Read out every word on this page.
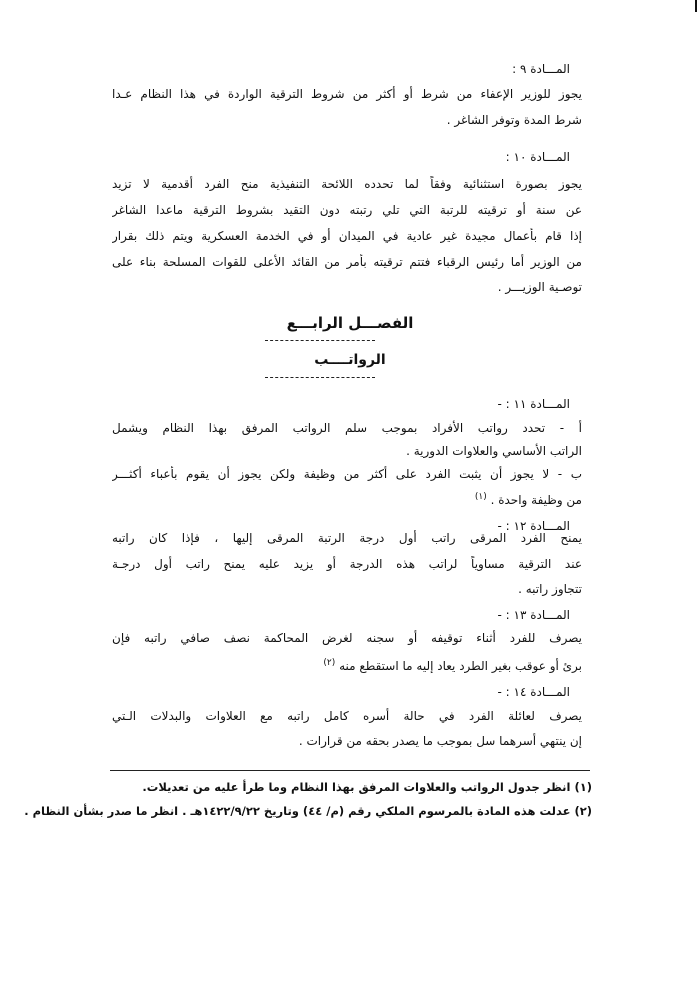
المـــادة ٩ :
يجوز للوزير الإعفاء من شرط أو أكثر من شروط الترقية الواردة في هذا النظام عـدا
شرط المدة وتوفر الشاغر .
المـــادة ١٠ :
يجوز بصورة استثنائية وفقاً لما تحدده اللائحة التنفيذية منح الفرد أقدمية لا تزيد
عن سنة أو ترقيته للرتبة التي تلي رتبته دون التقيد بشروط الترقية ماعدا الشاغر
إذا قام بأعمال مجيدة غير عادية في الميدان أو في الخدمة العسكرية ويتم ذلك بقرار
من الوزير أما رئيس الرقباء فتتم ترقيته بأمر من القائد الأعلى للقوات المسلحة بناء على
توصـية الوزيـــر .
الفصـــل الرابـــع
الرواتــــب
المـــادة ١١ : -
أ - تحدد رواتب الأفراد بموجب سلم الرواتب المرفق بهذا النظام ويشمل
الراتب الأساسي والعلاوات الدورية .
ب - لا يجوز أن يثبت الفرد على أكثر من وظيفة ولكن يجوز أن يقوم بأعباء أكثـــر
من وظيفة واحدة . $^{(١)}$
المـــادة ١٢ : -
يمنح الفرد المرقى راتب أول درجة الرتبة المرقى إليها ، فإذا كان راتبه
عند الترقية مساوياً لراتب هذه الدرجة أو يزيد عليه يمنح راتب أول درجـة
تتجاوز راتبه .
المـــادة ١٣ : -
يصرف للفرد أثناء توقيفه أو سجنه لغرض المحاكمة نصف صافي راتبه فإن
برئ أو عوقب بغير الطرد يعاد إليه ما استقطع منه $^{(٢)}$
المـــادة ١٤ : -
يصرف لعائلة الفرد في حالة أسره كامل راتبه مع العلاوات والبدلات الـتي
إن ينتهي أسرهما سل بموجب ما يصدر بحقه من قرارات .
(١) انظر جدول الرواتب والعلاوات المرفق بهذا النظام وما طرأ عليه من تعديلات.
(٢) عدلت هذه المادة بالمرسوم الملكي رقم (م/ ٤٤) وتاريخ ١٤٢٢/٩/٢٢هـ . انظر ما صدر بشأن النظام .
